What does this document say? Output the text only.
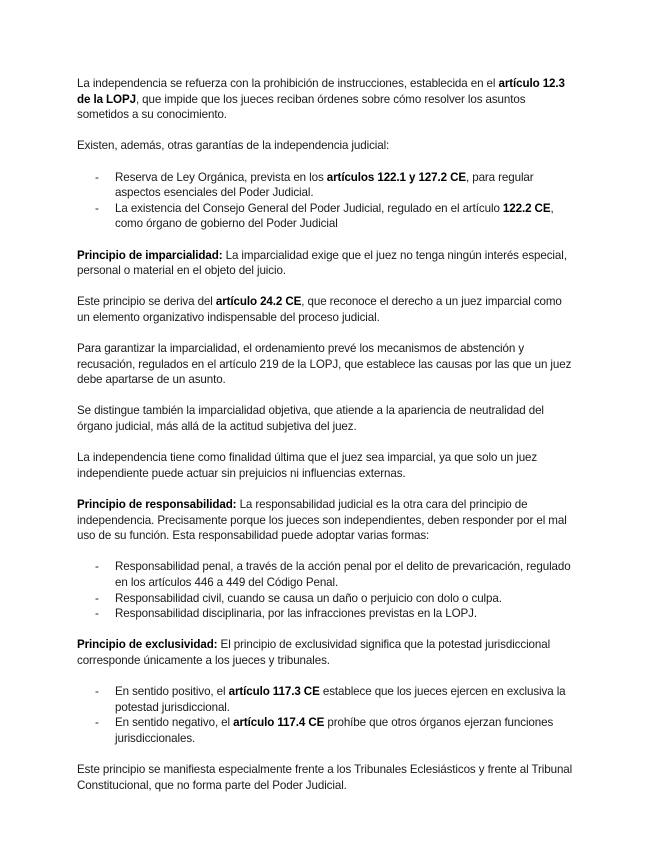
La independencia se refuerza con la prohibición de instrucciones, establecida en el artículo 12.3 de la LOPJ, que impide que los jueces reciban órdenes sobre cómo resolver los asuntos sometidos a su conocimiento.

Existen, además, otras garantías de la independencia judicial:

- Reserva de Ley Orgánica, prevista en los artículos 122.1 y 127.2 CE, para regular aspectos esenciales del Poder Judicial.
- La existencia del Consejo General del Poder Judicial, regulado en el artículo 122.2 CE, como órgano de gobierno del Poder Judicial

Principio de imparcialidad: La imparcialidad exige que el juez no tenga ningún interés especial, personal o material en el objeto del juicio.

Este principio se deriva del artículo 24.2 CE, que reconoce el derecho a un juez imparcial como un elemento organizativo indispensable del proceso judicial.

Para garantizar la imparcialidad, el ordenamiento prevé los mecanismos de abstención y recusación, regulados en el artículo 219 de la LOPJ, que establece las causas por las que un juez debe apartarse de un asunto.

Se distingue también la imparcialidad objetiva, que atiende a la apariencia de neutralidad del órgano judicial, más allá de la actitud subjetiva del juez.

La independencia tiene como finalidad última que el juez sea imparcial, ya que solo un juez independiente puede actuar sin prejuicios ni influencias externas.

Principio de responsabilidad: La responsabilidad judicial es la otra cara del principio de independencia. Precisamente porque los jueces son independientes, deben responder por el mal uso de su función. Esta responsabilidad puede adoptar varias formas:

- Responsabilidad penal, a través de la acción penal por el delito de prevaricación, regulado en los artículos 446 a 449 del Código Penal.
- Responsabilidad civil, cuando se causa un daño o perjuicio con dolo o culpa.
- Responsabilidad disciplinaria, por las infracciones previstas en la LOPJ.

Principio de exclusividad: El principio de exclusividad significa que la potestad jurisdiccional corresponde únicamente a los jueces y tribunales.

- En sentido positivo, el artículo 117.3 CE establece que los jueces ejercen en exclusiva la potestad jurisdiccional.
- En sentido negativo, el artículo 117.4 CE prohíbe que otros órganos ejerzan funciones jurisdiccionales.

Este principio se manifiesta especialmente frente a los Tribunales Eclesiásticos y frente al Tribunal Constitucional, que no forma parte del Poder Judicial.
